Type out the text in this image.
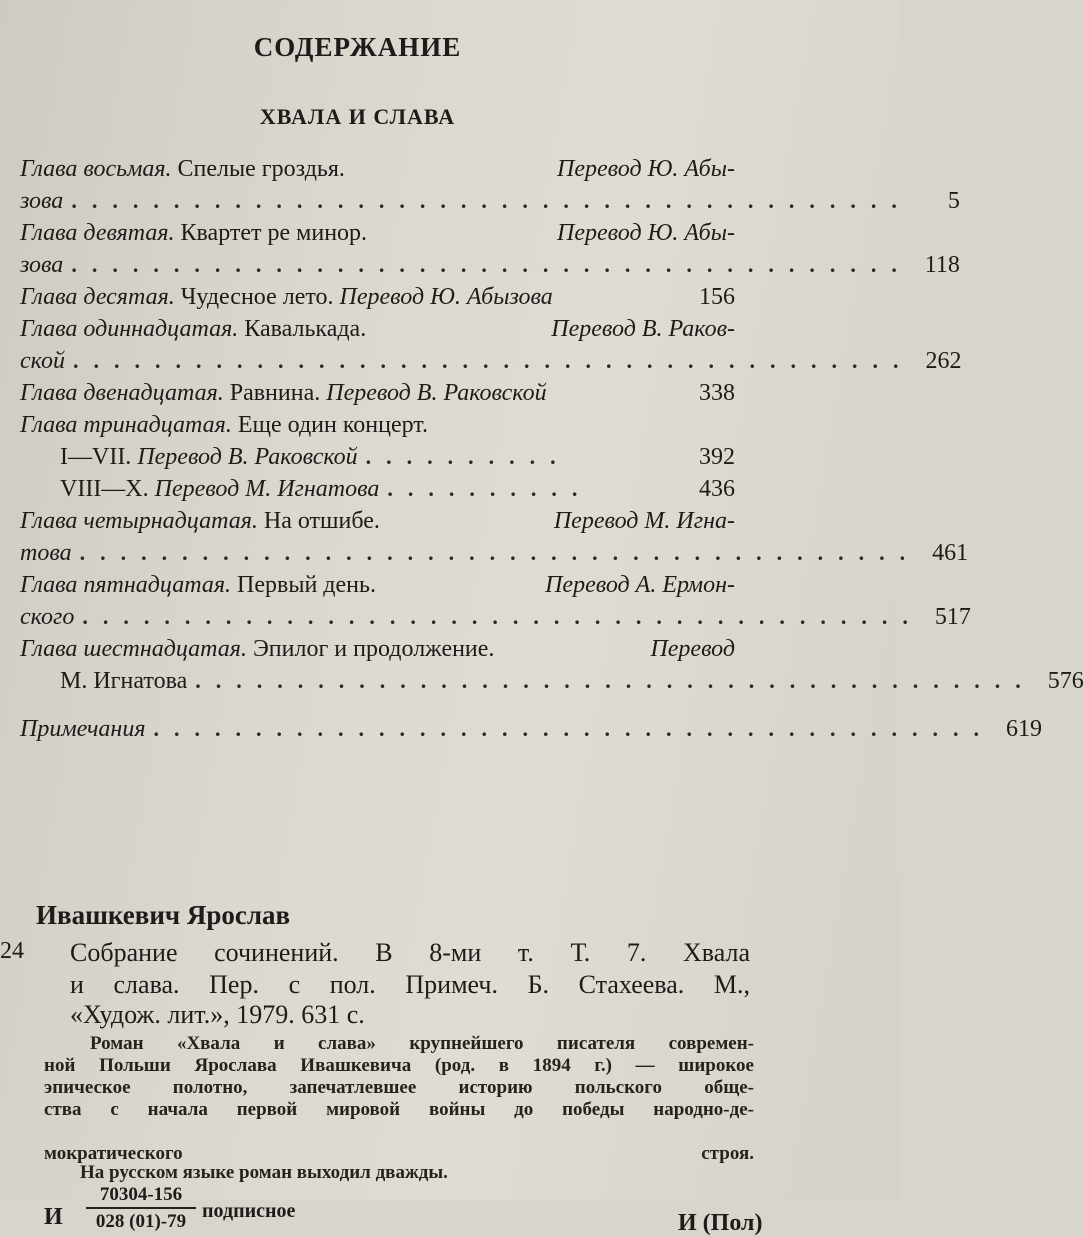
СОДЕРЖАНИЕ
ХВАЛА И СЛАВА
Глава восьмая. Спелые гроздья.	Перевод Ю. Абы-
зова .........................................	5
Глава девятая. Квартет ре минор.	Перевод Ю. Абы-
зова ......................................... 118
Глава десятая. Чудесное лето. Перевод Ю. Абызова	156
Глава одиннадцатая. Кавалькада.	Перевод В. Раков-
ской ......................................... 262
Глава двенадцатая. Равнина. Перевод В. Раковской	338
Глава тринадцатая. Еще один концерт.
I—VII. Перевод В. Раковской ..........	392
VIII—X. Перевод М. Игнатова ..........	436
Глава четырнадцатая. На отшибе.	Перевод М. Игна-
това ......................................... 461
Глава пятнадцатая. Первый день.	Перевод А. Ермон-
ского ......................................... 517
Глава шестнадцатая. Эпилог и продолжение.	Перевод
М. Игнатова ......................................... 576
Примечания ......................................... 619
Ивашкевич Ярослав
24 Собрание сочинений. В 8-ми т. Т. 7. Хвала
и слава. Пер. с пол. Примеч. Б. Стахеева. М.,
«Худож. лит.», 1979. 631 с.
Роман «Хвала и слава» крупнейшего писателя современ-
ной Польши Ярослава Ивашкевича (род. в 1894 г.) — широкое
эпическое полотно, запечатлевшее историю польского обще-
ства с начала первой мировой войны до победы народно-де-
мократического строя.
На русском языке роман выходил дважды.
И $\frac{70304-156}{028 (01)-79}$ подписное	И (Пол)
